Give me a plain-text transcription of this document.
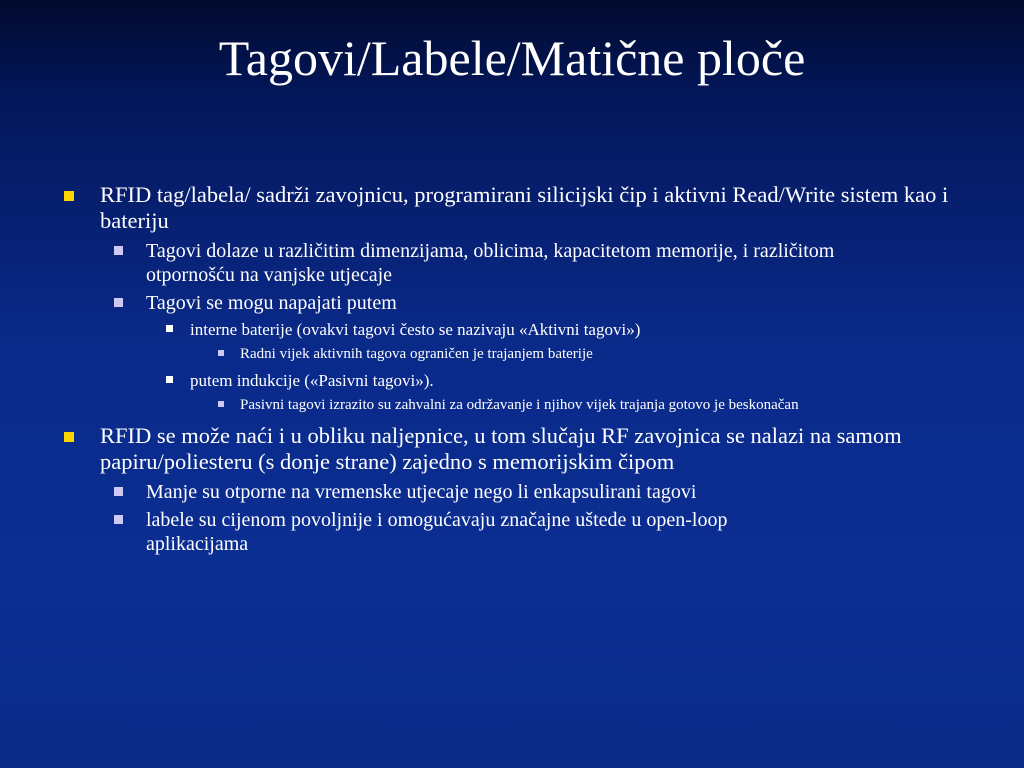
Tagovi/Labele/Matične ploče
RFID tag/labela/ sadrži zavojnicu, programirani silicijski čip i aktivni Read/Write sistem kao i bateriju
Tagovi dolaze u različitim dimenzijama, oblicima, kapacitetom memorije, i različitom otpornošću na vanjske utjecaje
Tagovi se mogu napajati putem
interne baterije (ovakvi tagovi često se nazivaju «Aktivni tagovi»)
Radni vijek aktivnih tagova ograničen je trajanjem baterije
putem indukcije («Pasivni tagovi»).
Pasivni tagovi izrazito su zahvalni za održavanje i njihov vijek trajanja gotovo je beskonačan
RFID se može naći i u obliku naljepnice, u tom slučaju RF zavojnica se nalazi na samom papiru/poliesteru (s donje strane) zajedno s memorijskim čipom
Manje su otporne na vremenske utjecaje nego li enkapsulirani tagovi
labele su cijenom povoljnije i omogućavaju značajne uštede u open-loop aplikacijama
